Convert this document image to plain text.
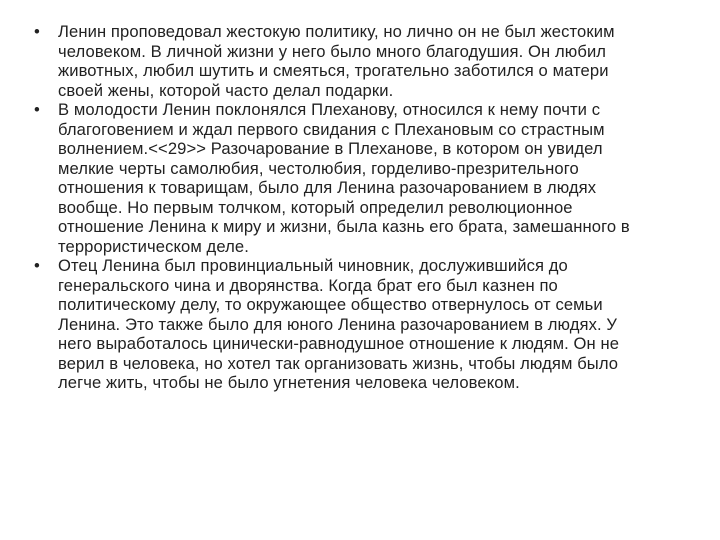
•	Ленин проповедовал жестокую политику, но лично он не был жестоким человеком. В личной жизни у него было много благодушия. Он любил животных, любил шутить и смеяться, трогательно заботился о матери своей жены, которой часто делал подарки.
•	В молодости Ленин поклонялся Плеханову, относился к нему почти с благоговением и ждал первого свидания с Плехановым со страстным волнением.<<29>> Разочарование в Плеханове, в котором он увидел мелкие черты самолюбия, честолюбия, горделиво-презрительного отношения к товарищам, было для Ленина разочарованием в людях вообще. Но первым толчком, который определил революционное отношение Ленина к миру и жизни, была казнь его брата, замешанного в террористическом деле.
•	Отец Ленина был провинциальный чиновник, дослужившийся до генеральского чина и дворянства. Когда брат его был казнен по политическому делу, то окружающее общество отвернулось от семьи Ленина. Это также было для юного Ленина разочарованием в людях. У него выработалось цинически-равнодушное отношение к людям. Он не верил в человека, но хотел так организовать жизнь, чтобы людям было легче жить, чтобы не было угнетения человека человеком.
